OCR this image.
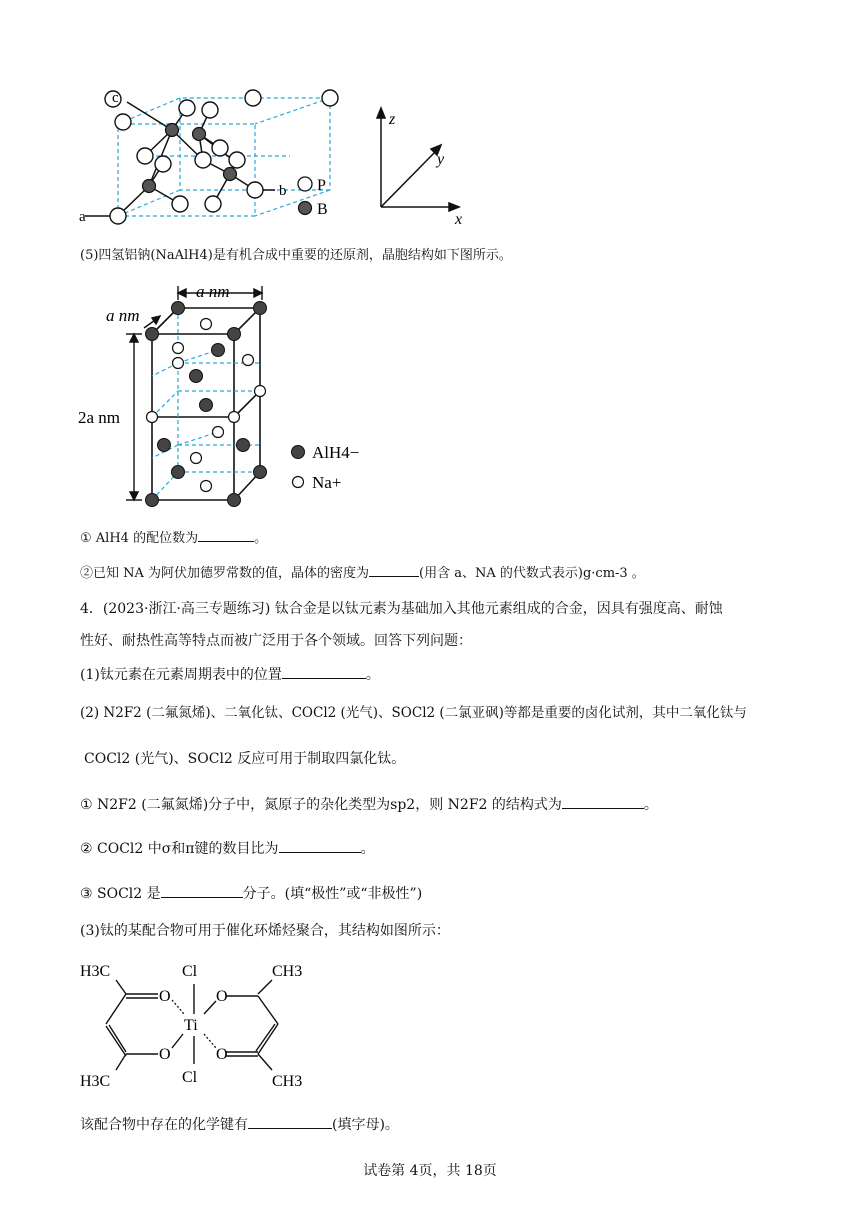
c
a
b P
B
z
y
x
(5)四氢铝钠(NaAlH4)是有机合成中重要的还原剂，晶胞结构如下图所示。
a nm
a nm
2a nm
AlH4−
Na+
① AlH4 的配位数为	。
②已知 NA 为阿伏加德罗常数的值，晶体的密度为	(用含 a、NA 的代数式表示)g·cm-3 。
4．(2023·浙江·高三专题练习) 钛合金是以钛元素为基础加入其他元素组成的合金，因具有强度高、耐蚀
性好、耐热性高等特点而被广泛用于各个领域。回答下列问题：
(1)钛元素在元素周期表中的位置	。
(2) N2F2 (二氟氮烯)、二氧化钛、COCl2 (光气)、SOCl2 (二氯亚砜)等都是重要的卤化试剂，其中二氧化钛与
COCl2 (光气)、SOCl2 反应可用于制取四氯化钛。
① N2F2 (二氟氮烯)分子中，氮原子的杂化类型为sp2，则 N2F2 的结构式为	。
② COCl2 中σ和π键的数目比为	。
③ SOCl2 是	分子。(填“极性”或“非极性”)
(3)钛的某配合物可用于催化环烯烃聚合，其结构如图所示：
H3C
H3C
CH3
CH3
Cl
Cl
Ti
O	O
O	O
该配合物中存在的化学键有	(填字母)。
试卷第 4页，共 18页
